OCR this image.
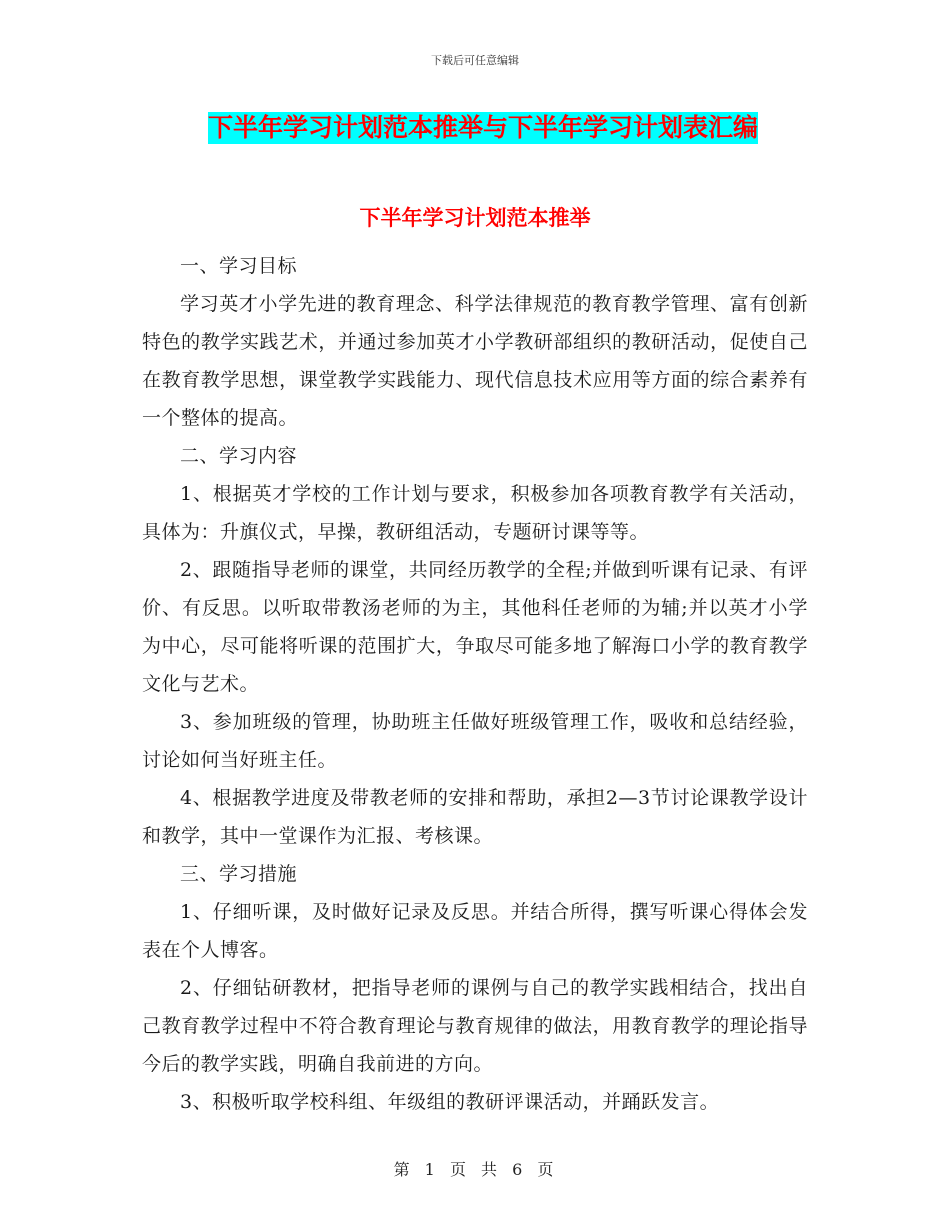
下载后可任意编辑
下半年学习计划范本推举与下半年学习计划表汇编
下半年学习计划范本推举

一、学习目标

学习英才小学先进的教育理念、科学法律规范的教育教学管理、富有创新特色的教学实践艺术，并通过参加英才小学教研部组织的教研活动，促使自己在教育教学思想，课堂教学实践能力、现代信息技术应用等方面的综合素养有一个整体的提高。

二、学习内容

1、根据英才学校的工作计划与要求，积极参加各项教育教学有关活动，具体为：升旗仪式，早操，教研组活动，专题研讨课等等。

2、跟随指导老师的课堂，共同经历教学的全程;并做到听课有记录、有评价、有反思。以听取带教汤老师的为主，其他科任老师的为辅;并以英才小学为中心，尽可能将听课的范围扩大，争取尽可能多地了解海口小学的教育教学文化与艺术。

3、参加班级的管理，协助班主任做好班级管理工作，吸收和总结经验，讨论如何当好班主任。

4、根据教学进度及带教老师的安排和帮助，承担2—3节讨论课教学设计和教学，其中一堂课作为汇报、考核课。

三、学习措施

1、仔细听课，及时做好记录及反思。并结合所得，撰写听课心得体会发表在个人博客。

2、仔细钻研教材，把指导老师的课例与自己的教学实践相结合，找出自己教育教学过程中不符合教育理论与教育规律的做法，用教育教学的理论指导今后的教学实践，明确自我前进的方向。

3、积极听取学校科组、年级组的教研评课活动，并踊跃发言。

第 1 页 共 6 页
